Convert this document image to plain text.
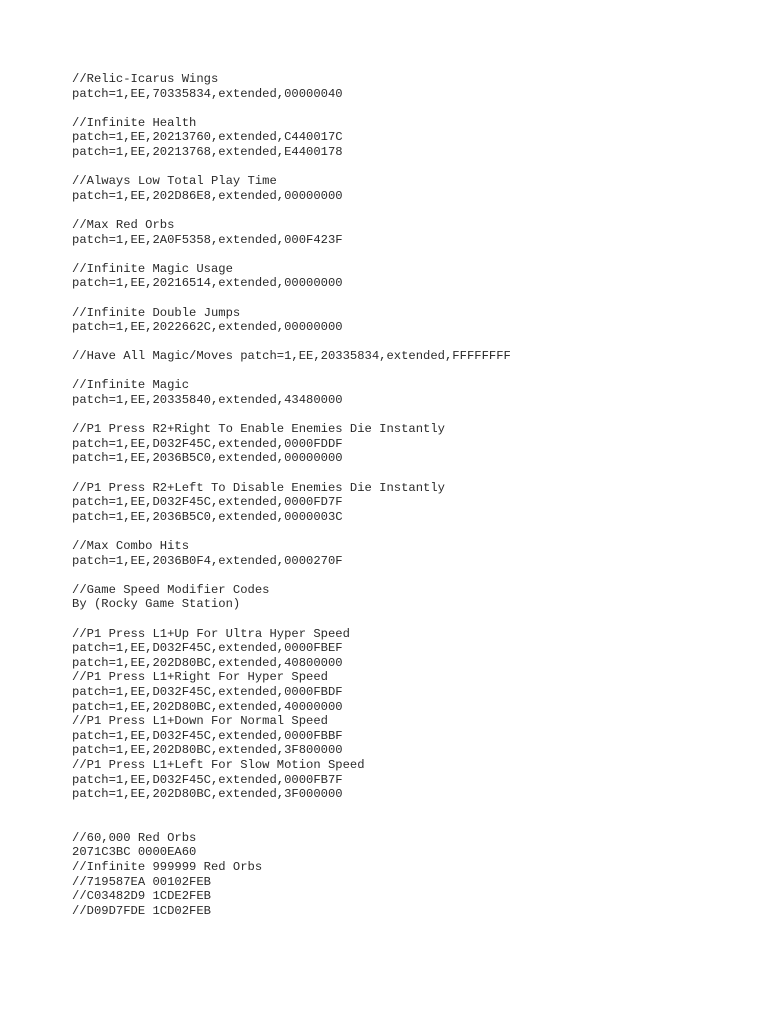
//Relic-Icarus Wings
patch=1,EE,70335834,extended,00000040
//Infinite Health
patch=1,EE,20213760,extended,C440017C
patch=1,EE,20213768,extended,E4400178
//Always Low Total Play Time
patch=1,EE,202D86E8,extended,00000000
//Max Red Orbs
patch=1,EE,2A0F5358,extended,000F423F
//Infinite Magic Usage
patch=1,EE,20216514,extended,00000000
//Infinite Double Jumps
patch=1,EE,2022662C,extended,00000000
//Have All Magic/Moves patch=1,EE,20335834,extended,FFFFFFFF
//Infinite Magic
patch=1,EE,20335840,extended,43480000
//P1 Press R2+Right To Enable Enemies Die Instantly
patch=1,EE,D032F45C,extended,0000FDDF
patch=1,EE,2036B5C0,extended,00000000
//P1 Press R2+Left To Disable Enemies Die Instantly
patch=1,EE,D032F45C,extended,0000FD7F
patch=1,EE,2036B5C0,extended,0000003C
//Max Combo Hits
patch=1,EE,2036B0F4,extended,0000270F
//Game Speed Modifier Codes
By (Rocky Game Station)
//P1 Press L1+Up For Ultra Hyper Speed
patch=1,EE,D032F45C,extended,0000FBEF
patch=1,EE,202D80BC,extended,40800000
//P1 Press L1+Right For Hyper Speed
patch=1,EE,D032F45C,extended,0000FBDF
patch=1,EE,202D80BC,extended,40000000
//P1 Press L1+Down For Normal Speed
patch=1,EE,D032F45C,extended,0000FBBF
patch=1,EE,202D80BC,extended,3F800000
//P1 Press L1+Left For Slow Motion Speed
patch=1,EE,D032F45C,extended,0000FB7F
patch=1,EE,202D80BC,extended,3F000000
//60,000 Red Orbs
2071C3BC 0000EA60
//Infinite 999999 Red Orbs
//719587EA 00102FEB
//C03482D9 1CDE2FEB
//D09D7FDE 1CD02FEB
